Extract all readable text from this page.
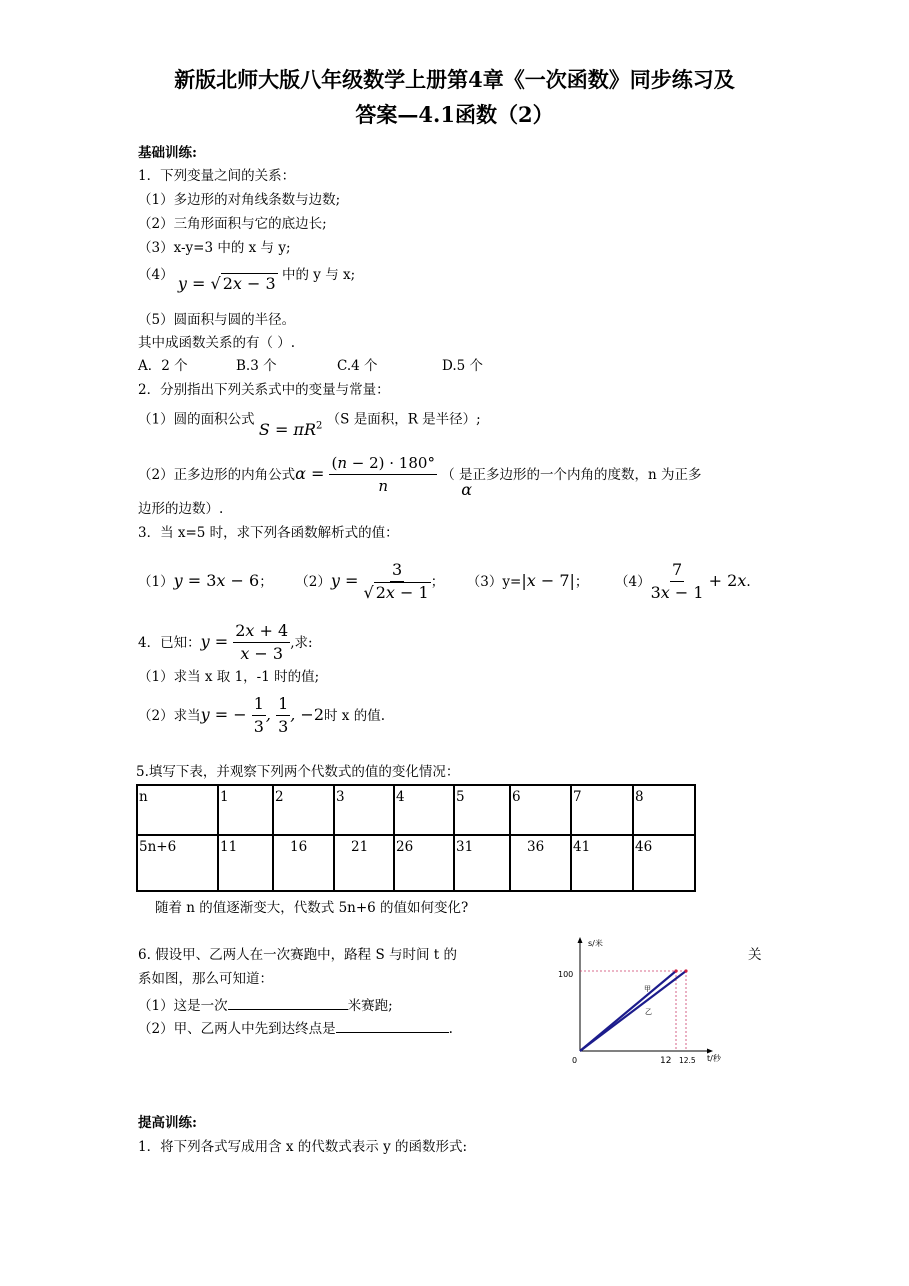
新版北师大版八年级数学上册第4章《一次函数》同步练习及
答案—4.1函数（2）
基础训练:
1．下列变量之间的关系：
（1）多边形的对角线条数与边数;
（2）三角形面积与它的底边长;
（3）x-y=3 中的 x 与 y;
（4） y = √ 2x − 3 中的 y 与 x;
（5）圆面积与圆的半径。
其中成函数关系的有（ ）.
A．2 个	B.3 个	C.4 个	D.5 个
2．分别指出下列关系式中的变量与常量：
（1）圆的面积公式 $S = \pi R^2$ （S 是面积，R 是半径）;
（2）正多边形的内角公式$\alpha = \frac{(n - 2) \cdot 180^\circ}{n}$ （ 是正多边形的一个内角的度数，n 为正多
α
边形的边数）.
3．当 x=5 时，求下列各函数解析式的值：
（1）y = 3x − 6； $(2)y = \frac{3}{√ 2x - 1}$ ； （3）y=|x − 7|； $(4) \frac{7}{3x - 1} + 2x$.
4．已知：$y = \frac{2x + 4}{x - 3}$ ,求:
（1）求当 x 取 1，-1 时的值;
（2）求当y = − $\frac{1}{3}$ , $\frac{1}{3}$ , −2时 x 的值.
5.填写下表，并观察下列两个代数式的值的变化情况：
n	1	2	3	4	5	6	7	8
5n+6	11	16	21	26	31	36	41	46
随着 n 的值逐渐变大，代数式 5n+6 的值如何变化?
6. 假设甲、乙两人在一次赛跑中，路程 S 与时间 t 的	关
系如图，那么可知道：
（1）这是一次	米赛跑;
（2）甲、乙两人中先到达终点是	.
s/米
100
0	12 12.5 t/秒
甲
乙
提高训练:
1．将下列各式写成用含 x 的代数式表示 y 的函数形式:
